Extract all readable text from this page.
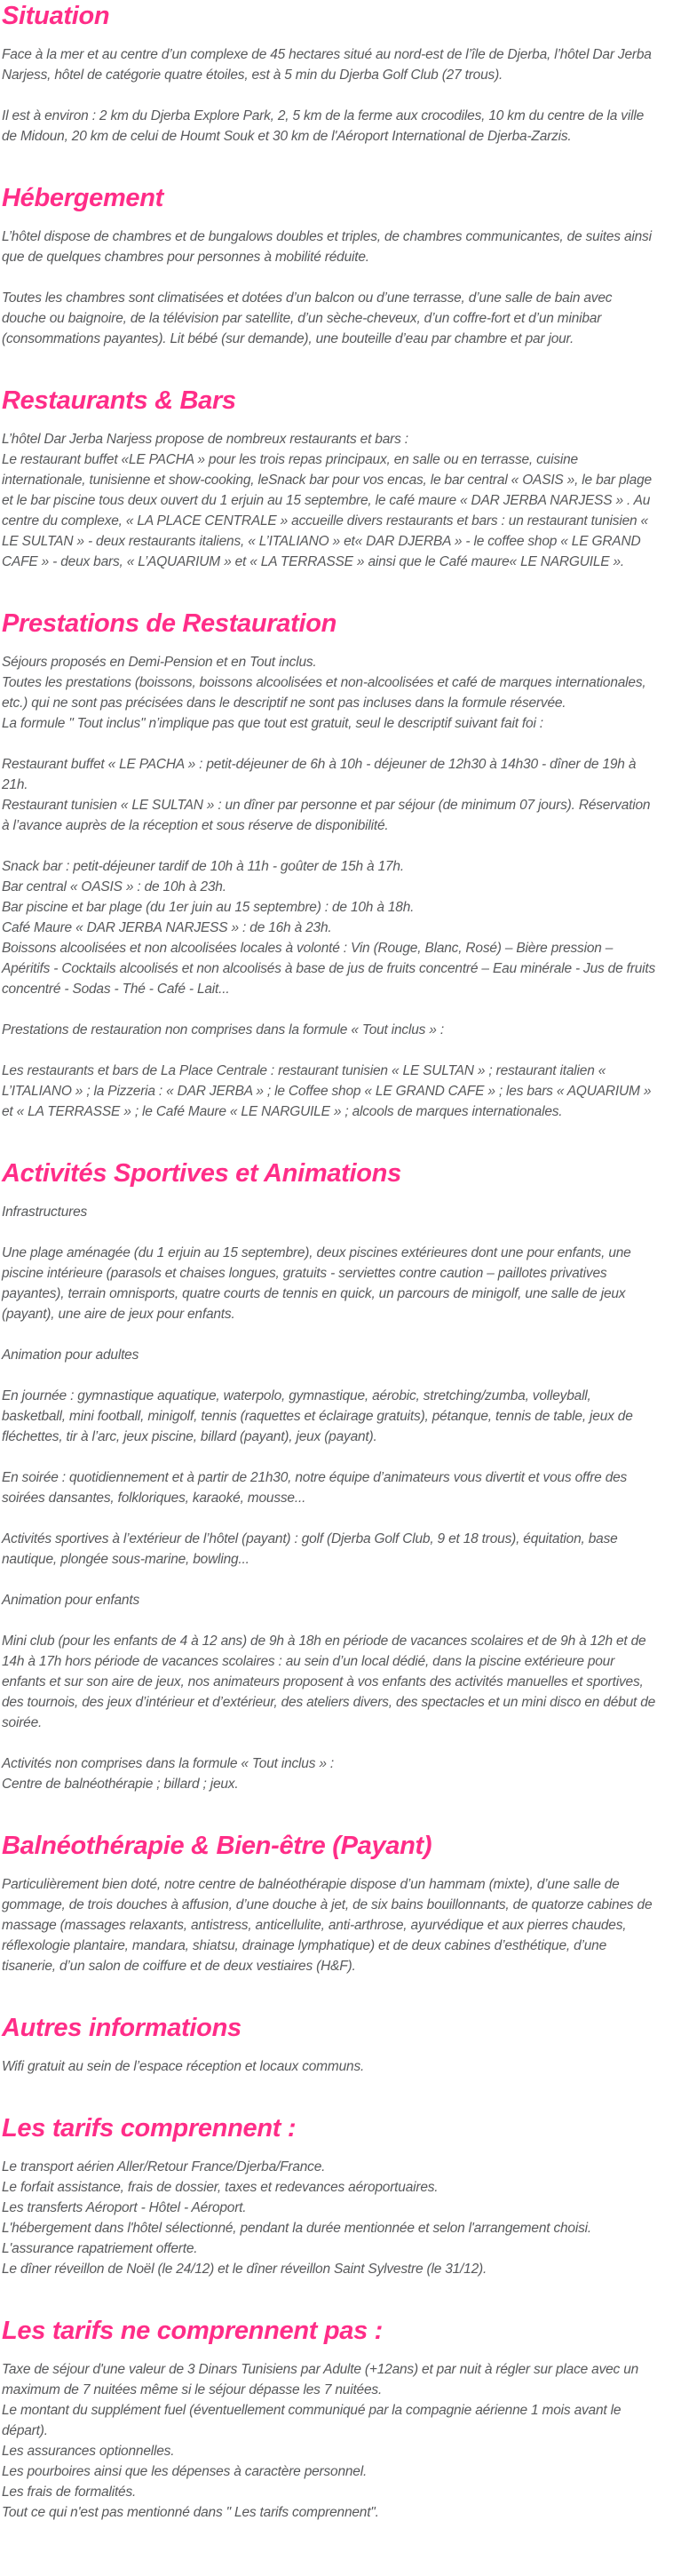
Situation

Face à la mer et au centre d’un complexe de 45 hectares situé au nord-est de l’île de Djerba, l’hôtel Dar Jerba Narjess, hôtel de catégorie quatre étoiles, est à 5 min du Djerba Golf Club (27 trous).

Il est à environ : 2 km du Djerba Explore Park, 2, 5 km de la ferme aux crocodiles, 10 km du centre de la ville de Midoun, 20 km de celui de Houmt Souk et 30 km de l'Aéroport International de Djerba-Zarzis.

Hébergement

L’hôtel dispose de chambres et de bungalows doubles et triples, de chambres communicantes, de suites ainsi que de quelques chambres pour personnes à mobilité réduite.

Toutes les chambres sont climatisées et dotées d’un balcon ou d’une terrasse, d’une salle de bain avec douche ou baignoire, de la télévision par satellite, d’un sèche-cheveux, d’un coffre-fort et d’un minibar (consommations payantes). Lit bébé (sur demande), une bouteille d’eau par chambre et par jour.

Restaurants & Bars

L’hôtel Dar Jerba Narjess propose de nombreux restaurants et bars :
Le restaurant buffet «LE PACHA » pour les trois repas principaux, en salle ou en terrasse, cuisine internationale, tunisienne et show-cooking, leSnack bar pour vos encas, le bar central « OASIS », le bar plage et le bar piscine tous deux ouvert du 1 erjuin au 15 septembre, le café maure « DAR JERBA NARJESS » . Au centre du complexe, « LA PLACE CENTRALE » accueille divers restaurants et bars : un restaurant tunisien « LE SULTAN » - deux restaurants italiens, « L’ITALIANO » et« DAR DJERBA » - le coffee shop « LE GRAND CAFE » - deux bars, « L’AQUARIUM » et « LA TERRASSE » ainsi que le Café maure« LE NARGUILE ».

Prestations de Restauration

Séjours proposés en Demi-Pension et en Tout inclus.
Toutes les prestations (boissons, boissons alcoolisées et non-alcoolisées et café de marques internationales, etc.) qui ne sont pas précisées dans le descriptif ne sont pas incluses dans la formule réservée.
La formule " Tout inclus" n’implique pas que tout est gratuit, seul le descriptif suivant fait foi :

Restaurant buffet « LE PACHA » : petit-déjeuner de 6h à 10h - déjeuner de 12h30 à 14h30 - dîner de 19h à 21h.
Restaurant tunisien « LE SULTAN » : un dîner par personne et par séjour (de minimum 07 jours). Réservation à l’avance auprès de la réception et sous réserve de disponibilité.

Snack bar : petit-déjeuner tardif de 10h à 11h - goûter de 15h à 17h.
Bar central « OASIS » : de 10h à 23h.
Bar piscine et bar plage (du 1er juin au 15 septembre) : de 10h à 18h.
Café Maure « DAR JERBA NARJESS » : de 16h à 23h.
Boissons alcoolisées et non alcoolisées locales à volonté : Vin (Rouge, Blanc, Rosé) – Bière pression – Apéritifs - Cocktails alcoolisés et non alcoolisés à base de jus de fruits concentré – Eau minérale - Jus de fruits concentré - Sodas - Thé - Café - Lait...

Prestations de restauration non comprises dans la formule « Tout inclus » :

Les restaurants et bars de La Place Centrale : restaurant tunisien « LE SULTAN » ; restaurant italien « L’ITALIANO » ; la Pizzeria : « DAR JERBA » ; le Coffee shop « LE GRAND CAFE » ; les bars « AQUARIUM » et « LA TERRASSE » ; le Café Maure « LE NARGUILE » ; alcools de marques internationales.

Activités Sportives et Animations

Infrastructures

Une plage aménagée (du 1 erjuin au 15 septembre), deux piscines extérieures dont une pour enfants, une piscine intérieure (parasols et chaises longues, gratuits - serviettes contre caution – paillotes privatives payantes), terrain omnisports, quatre courts de tennis en quick, un parcours de minigolf, une salle de jeux (payant), une aire de jeux pour enfants.

Animation pour adultes

En journée : gymnastique aquatique, waterpolo, gymnastique, aérobic, stretching/zumba, volleyball, basketball, mini football, minigolf, tennis (raquettes et éclairage gratuits), pétanque, tennis de table, jeux de fléchettes, tir à l’arc, jeux piscine, billard (payant), jeux (payant).

En soirée : quotidiennement et à partir de 21h30, notre équipe d’animateurs vous divertit et vous offre des soirées dansantes, folkloriques, karaoké, mousse...

Activités sportives à l’extérieur de l’hôtel (payant) : golf (Djerba Golf Club, 9 et 18 trous), équitation, base nautique, plongée sous-marine, bowling...

Animation pour enfants

Mini club (pour les enfants de 4 à 12 ans) de 9h à 18h en période de vacances scolaires et de 9h à 12h et de 14h à 17h hors période de vacances scolaires : au sein d’un local dédié, dans la piscine extérieure pour enfants et sur son aire de jeux, nos animateurs proposent à vos enfants des activités manuelles et sportives, des tournois, des jeux d’intérieur et d’extérieur, des ateliers divers, des spectacles et un mini disco en début de soirée.

Activités non comprises dans la formule « Tout inclus » :
Centre de balnéothérapie ; billard ; jeux.

Balnéothérapie & Bien-être (Payant)

Particulièrement bien doté, notre centre de balnéothérapie dispose d’un hammam (mixte), d’une salle de gommage, de trois douches à affusion, d’une douche à jet, de six bains bouillonnants, de quatorze cabines de massage (massages relaxants, antistress, anticellulite, anti-arthrose, ayurvédique et aux pierres chaudes, réflexologie plantaire, mandara, shiatsu, drainage lymphatique) et de deux cabines d’esthétique, d’une tisanerie, d’un salon de coiffure et de deux vestiaires (H&F).

Autres informations

Wifi gratuit au sein de l’espace réception et locaux communs.

Les tarifs comprennent :

Le transport aérien Aller/Retour France/Djerba/France.
Le forfait assistance, frais de dossier, taxes et redevances aéroportuaires.
Les transferts Aéroport - Hôtel - Aéroport.
L'hébergement dans l'hôtel sélectionné, pendant la durée mentionnée et selon l'arrangement choisi.
L'assurance rapatriement offerte.
Le dîner réveillon de Noël (le 24/12) et le dîner réveillon Saint Sylvestre (le 31/12).

Les tarifs ne comprennent pas :

Taxe de séjour d'une valeur de 3 Dinars Tunisiens par Adulte (+12ans) et par nuit à régler sur place avec un maximum de 7 nuitées même si le séjour dépasse les 7 nuitées.
Le montant du supplément fuel (éventuellement communiqué par la compagnie aérienne 1 mois avant le départ).
Les assurances optionnelles.
Les pourboires ainsi que les dépenses à caractère personnel.
Les frais de formalités.
Tout ce qui n'est pas mentionné dans " Les tarifs comprennent".
